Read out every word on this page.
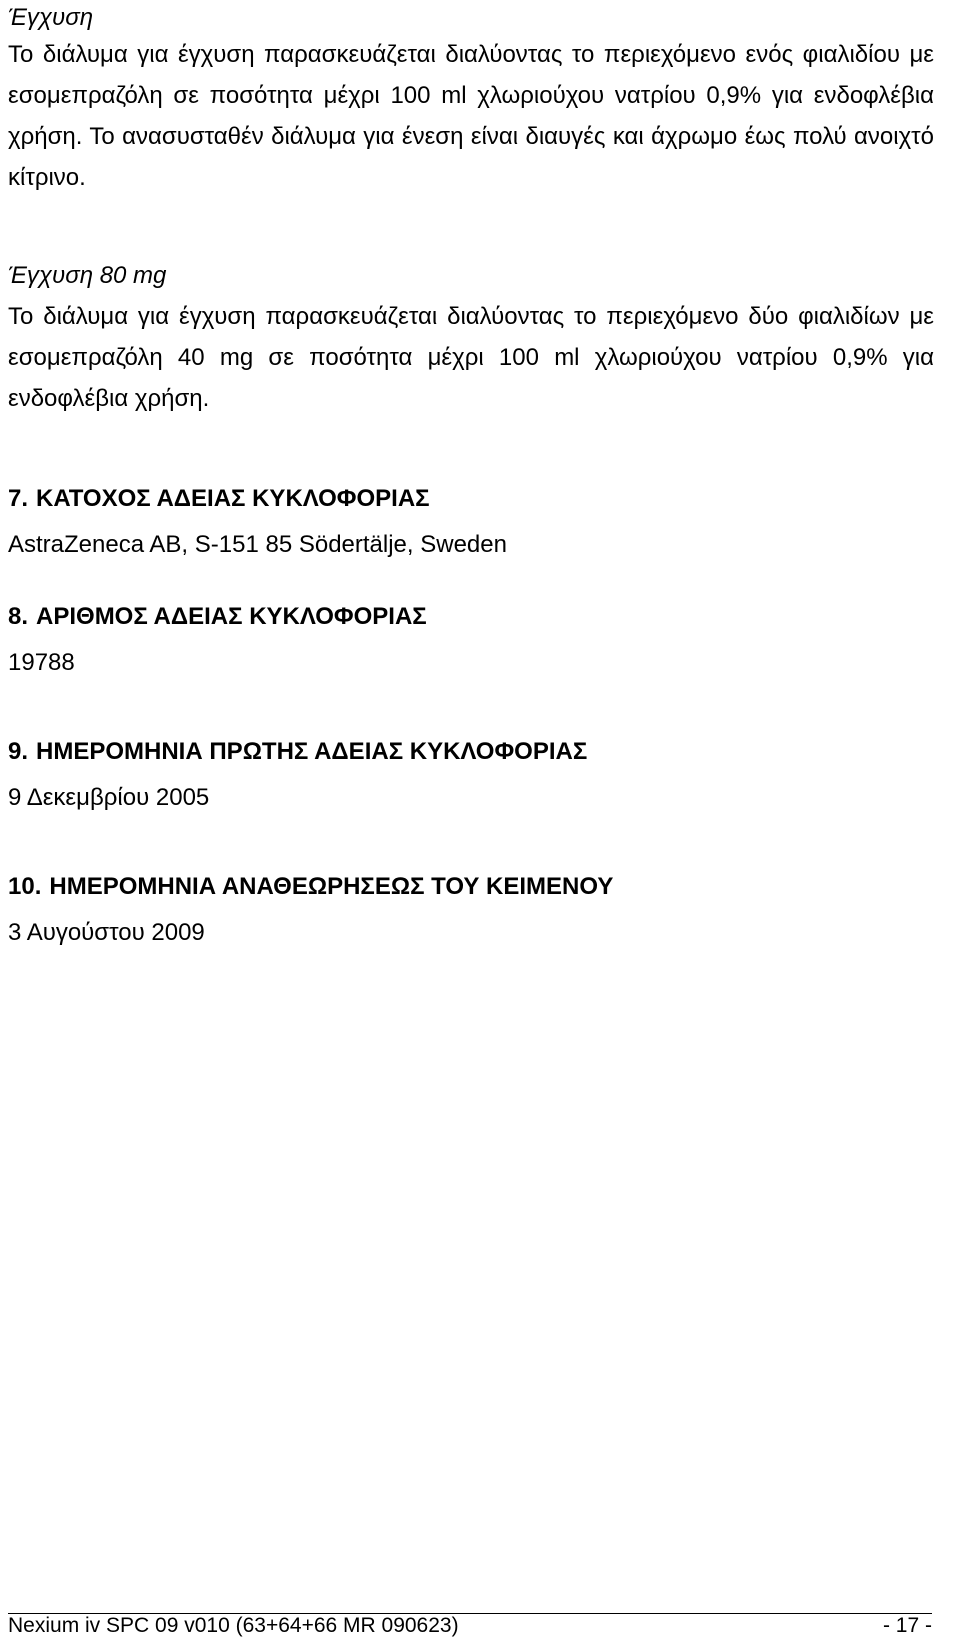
Έγχυση

Το διάλυμα για έγχυση παρασκευάζεται διαλύοντας το περιεχόμενο ενός φιαλιδίου με εσομεπραζόλη σε ποσότητα μέχρι 100 ml χλωριούχου νατρίου 0,9% για ενδοφλέβια χρήση. Το ανασυσταθέν διάλυμα για ένεση είναι διαυγές και άχρωμο έως πολύ ανοιχτό κίτρινο.

Έγχυση 80 mg

Το διάλυμα για έγχυση παρασκευάζεται διαλύοντας το περιεχόμενο δύο φιαλιδίων με εσομεπραζόλη 40 mg σε ποσότητα μέχρι 100 ml χλωριούχου νατρίου 0,9% για ενδοφλέβια χρήση.

7. ΚΑΤΟΧΟΣ ΑΔΕΙΑΣ ΚΥΚΛΟΦΟΡΙΑΣ

AstraZeneca AB, S-151 85 Södertälje, Sweden

8. ΑΡΙΘΜΟΣ ΑΔΕΙΑΣ ΚΥΚΛΟΦΟΡΙΑΣ

19788

9. ΗΜΕΡΟΜΗΝΙΑ ΠΡΩΤΗΣ ΑΔΕΙΑΣ ΚΥΚΛΟΦΟΡΙΑΣ

9 Δεκεμβρίου 2005

10. ΗΜΕΡΟΜΗΝΙΑ ΑΝΑΘΕΩΡΗΣΕΩΣ ΤΟΥ ΚΕΙΜΕΝΟΥ

3 Αυγούστου 2009

Nexium iv SPC 09 v010 (63+64+66 MR 090623)	- 17 -
